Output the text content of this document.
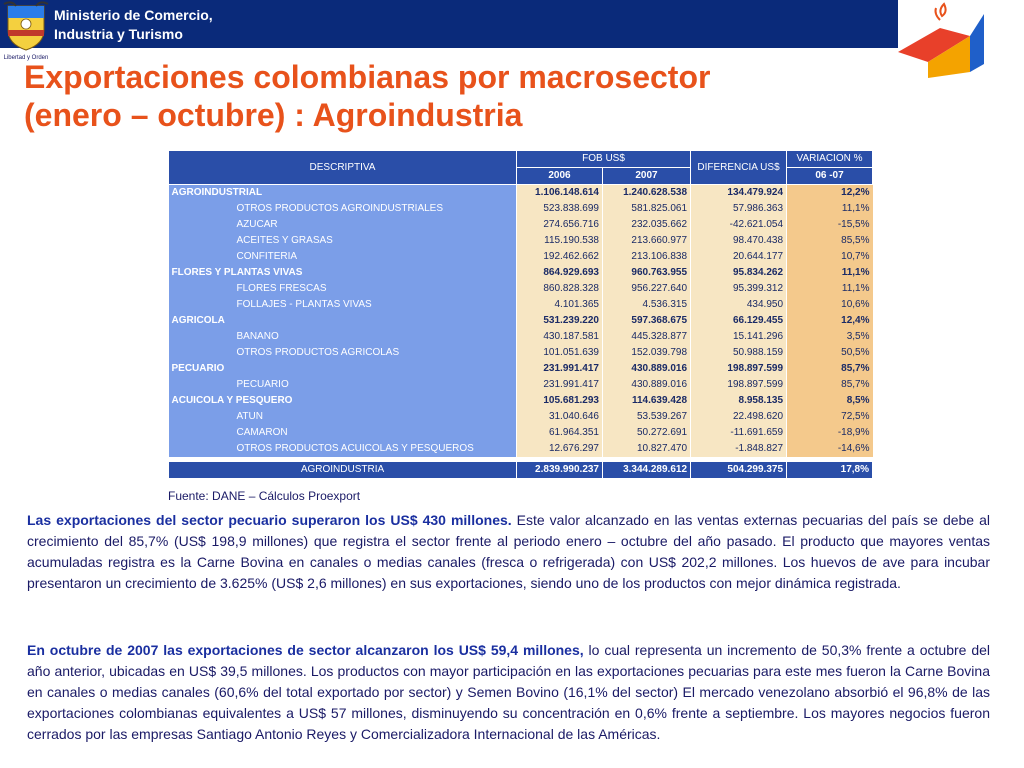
Libertad y Orden
Ministerio de Comercio,
Industria y Turismo
Exportaciones colombianas por macrosector
(enero – octubre) : Agroindustria
DESCRIPTIVA	FOB US$		DIFERENCIA US$	VARIACION %
	2006	2007		06 -07
AGROINDUSTRIAL	1.106.148.614	1.240.628.538	134.479.924	12,2%
OTROS PRODUCTOS AGROINDUSTRIALES	523.838.699	581.825.061	57.986.363	11,1%
AZUCAR	274.656.716	232.035.662	-42.621.054	-15,5%
ACEITES Y GRASAS	115.190.538	213.660.977	98.470.438	85,5%
CONFITERIA	192.462.662	213.106.838	20.644.177	10,7%
FLORES Y PLANTAS VIVAS	864.929.693	960.763.955	95.834.262	11,1%
FLORES FRESCAS	860.828.328	956.227.640	95.399.312	11,1%
FOLLAJES - PLANTAS VIVAS	4.101.365	4.536.315	434.950	10,6%
AGRICOLA	531.239.220	597.368.675	66.129.455	12,4%
BANANO	430.187.581	445.328.877	15.141.296	3,5%
OTROS PRODUCTOS AGRICOLAS	101.051.639	152.039.798	50.988.159	50,5%
PECUARIO	231.991.417	430.889.016	198.897.599	85,7%
PECUARIO	231.991.417	430.889.016	198.897.599	85,7%
ACUICOLA Y PESQUERO	105.681.293	114.639.428	8.958.135	8,5%
ATUN	31.040.646	53.539.267	22.498.620	72,5%
CAMARON	61.964.351	50.272.691	-11.691.659	-18,9%
OTROS PRODUCTOS ACUICOLAS Y PESQUEROS	12.676.297	10.827.470	-1.848.827	-14,6%

AGROINDUSTRIA	2.839.990.237	3.344.289.612	504.299.375	17,8%
Fuente: DANE – Cálculos Proexport

Las exportaciones del sector pecuario superaron los US$ 430 millones. Este valor alcanzado en las ventas externas pecuarias del país se debe al crecimiento del 85,7% (US$ 198,9 millones) que registra el sector frente al periodo enero – octubre del año pasado. El producto que mayores ventas acumuladas registra es la Carne Bovina en canales o medias canales (fresca o refrigerada) con US$ 202,2 millones. Los huevos de ave para incubar presentaron un crecimiento de 3.625% (US$ 2,6 millones) en sus exportaciones, siendo uno de los productos con mejor dinámica registrada.

En octubre de 2007 las exportaciones de sector alcanzaron los US$ 59,4 millones, lo cual representa un incremento de 50,3% frente a octubre del año anterior, ubicadas en US$ 39,5 millones. Los productos con mayor participación en las exportaciones pecuarias para este mes fueron la Carne Bovina en canales o medias canales (60,6% del total exportado por sector) y Semen Bovino (16,1% del sector) El mercado venezolano absorbió el 96,8% de las exportaciones colombianas equivalentes a US$ 57 millones, disminuyendo su concentración en 0,6% frente a septiembre. Los mayores negocios fueron cerrados por las empresas Santiago Antonio Reyes y Comercializadora Internacional de las Américas.
